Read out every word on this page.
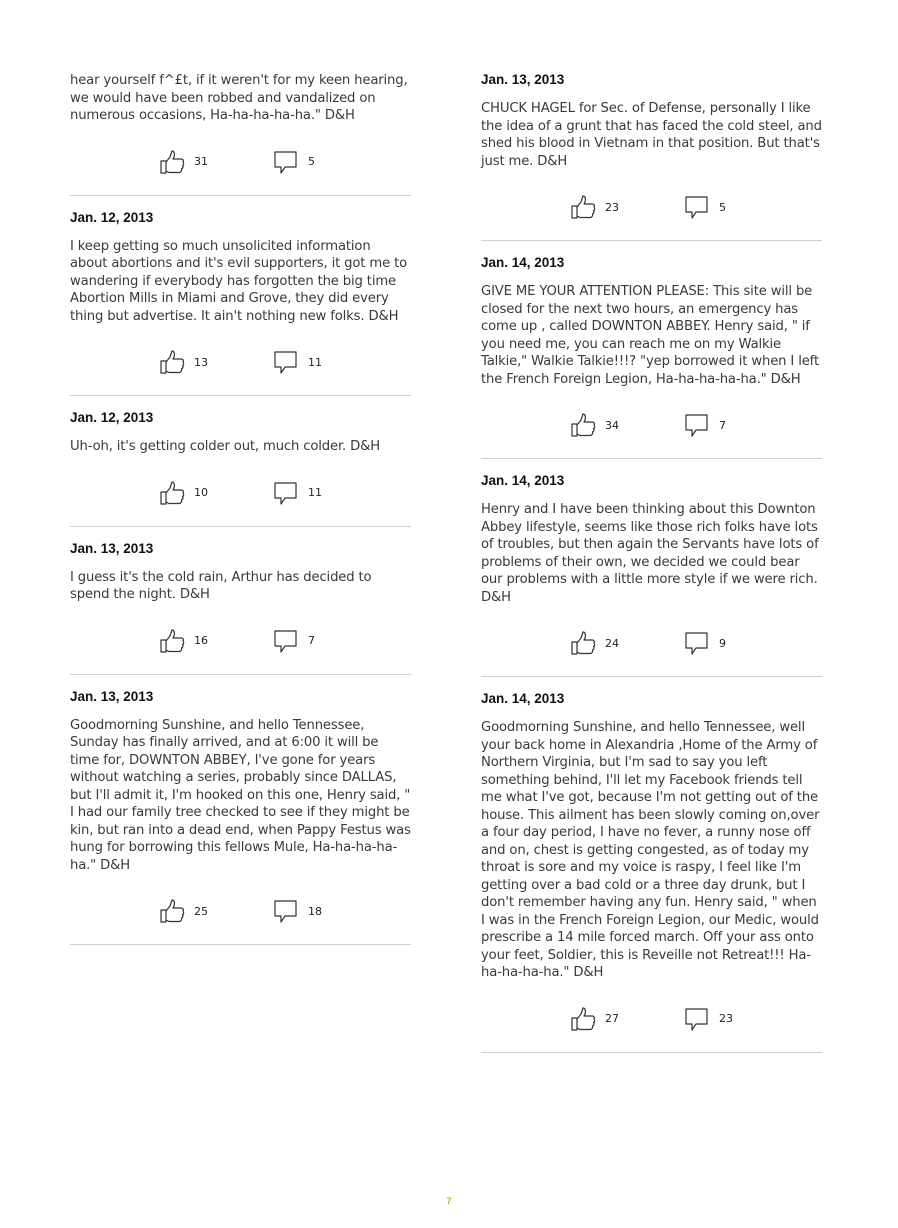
hear yourself f^£t, if it weren't for my keen hearing, we would have been robbed and vandalized on numerous occasions, Ha-ha-ha-ha-ha." D&H

31	5
Jan. 12, 2013

I keep getting so much unsolicited information about abortions and it's evil supporters, it got me to wandering if everybody has forgotten the big time Abortion Mills in Miami and Grove, they did every thing but advertise. It ain't nothing new folks. D&H

13	11
Jan. 12, 2013

Uh-oh, it's getting colder out, much colder. D&H

10	11
Jan. 13, 2013

I guess it's the cold rain, Arthur has decided to spend the night. D&H

16	7
Jan. 13, 2013

Goodmorning Sunshine, and hello Tennessee, Sunday has finally arrived, and at 6:00 it will be time for, DOWNTON ABBEY, I've gone for years without watching a series, probably since DALLAS, but I'll admit it, I'm hooked on this one, Henry said, " I had our family tree checked to see if they might be kin, but ran into a dead end, when Pappy Festus was hung for borrowing this fellows Mule, Ha-ha-ha-ha-ha." D&H

25	18
Jan. 13, 2013

CHUCK HAGEL for Sec. of Defense, personally I like the idea of a grunt that has faced the cold steel, and shed his blood in Vietnam in that position. But that's just me. D&H

23	5
Jan. 14, 2013

GIVE ME YOUR ATTENTION PLEASE: This site will be closed for the next two hours, an emergency has come up , called DOWNTON ABBEY. Henry said, " if you need me, you can reach me on my Walkie Talkie," Walkie Talkie!!!? "yep borrowed it when I left the French Foreign Legion, Ha-ha-ha-ha-ha." D&H

34	7
Jan. 14, 2013

Henry and I have been thinking about this Downton Abbey lifestyle, seems like those rich folks have lots of troubles, but then again the Servants have lots of problems of their own, we decided we could bear our problems with a little more style if we were rich. D&H

24	9
Jan. 14, 2013

Goodmorning Sunshine, and hello Tennessee, well your back home in Alexandria ,Home of the Army of Northern Virginia, but I'm sad to say you left something behind, I'll let my Facebook friends tell me what I've got, because I'm not getting out of the house. This ailment has been slowly coming on,over a four day period, I have no fever, a runny nose off and on, chest is getting congested, as of today my throat is sore and my voice is raspy, I feel like I'm getting over a bad cold or a three day drunk, but I don't remember having any fun. Henry said, " when I was in the French Foreign Legion, our Medic, would prescribe a 14 mile forced march. Off your ass onto your feet, Soldier, this is Reveille not Retreat!!! Ha-ha-ha-ha-ha." D&H

27	23
7
